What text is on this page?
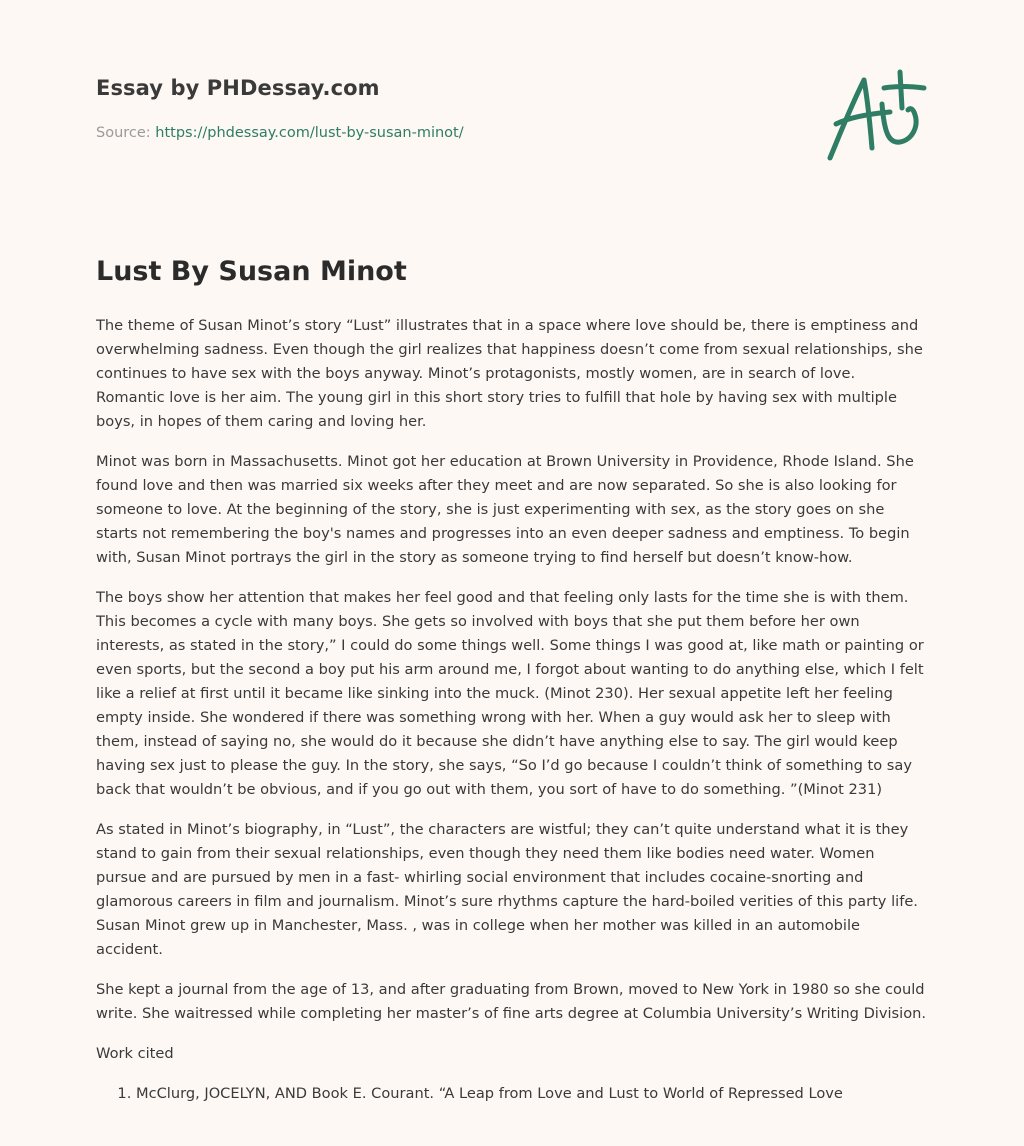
Essay by PHDessay.com
Source: https://phdessay.com/lust-by-susan-minot/
Lust By Susan Minot

The theme of Susan Minot’s story “Lust” illustrates that in a space where love should be, there is emptiness and overwhelming sadness. Even though the girl realizes that happiness doesn’t come from sexual relationships, she continues to have sex with the boys anyway. Minot’s protagonists, mostly women, are in search of love. Romantic love is her aim. The young girl in this short story tries to fulfill that hole by having sex with multiple boys, in hopes of them caring and loving her.

Minot was born in Massachusetts. Minot got her education at Brown University in Providence, Rhode Island. She found love and then was married six weeks after they meet and are now separated. So she is also looking for someone to love. At the beginning of the story, she is just experimenting with sex, as the story goes on she starts not remembering the boy's names and progresses into an even deeper sadness and emptiness. To begin with, Susan Minot portrays the girl in the story as someone trying to find herself but doesn’t know-how.

The boys show her attention that makes her feel good and that feeling only lasts for the time she is with them. This becomes a cycle with many boys. She gets so involved with boys that she put them before her own interests, as stated in the story,” I could do some things well. Some things I was good at, like math or painting or even sports, but the second a boy put his arm around me, I forgot about wanting to do anything else, which I felt like a relief at first until it became like sinking into the muck. (Minot 230). Her sexual appetite left her feeling empty inside. She wondered if there was something wrong with her. When a guy would ask her to sleep with them, instead of saying no, she would do it because she didn’t have anything else to say. The girl would keep having sex just to please the guy. In the story, she says, “So I’d go because I couldn’t think of something to say back that wouldn’t be obvious, and if you go out with them, you sort of have to do something. ”(Minot 231)

As stated in Minot’s biography, in “Lust”, the characters are wistful; they can’t quite understand what it is they stand to gain from their sexual relationships, even though they need them like bodies need water. Women pursue and are pursued by men in a fast- whirling social environment that includes cocaine-snorting and glamorous careers in film and journalism. Minot’s sure rhythms capture the hard-boiled verities of this party life. Susan Minot grew up in Manchester, Mass. , was in college when her mother was killed in an automobile accident.

She kept a journal from the age of 13, and after graduating from Brown, moved to New York in 1980 so she could write. She waitressed while completing her master’s of fine arts degree at Columbia University’s Writing Division.

Work cited

1. McClurg, JOCELYN, AND Book E. Courant. “A Leap from Love and Lust to World of Repressed Love
